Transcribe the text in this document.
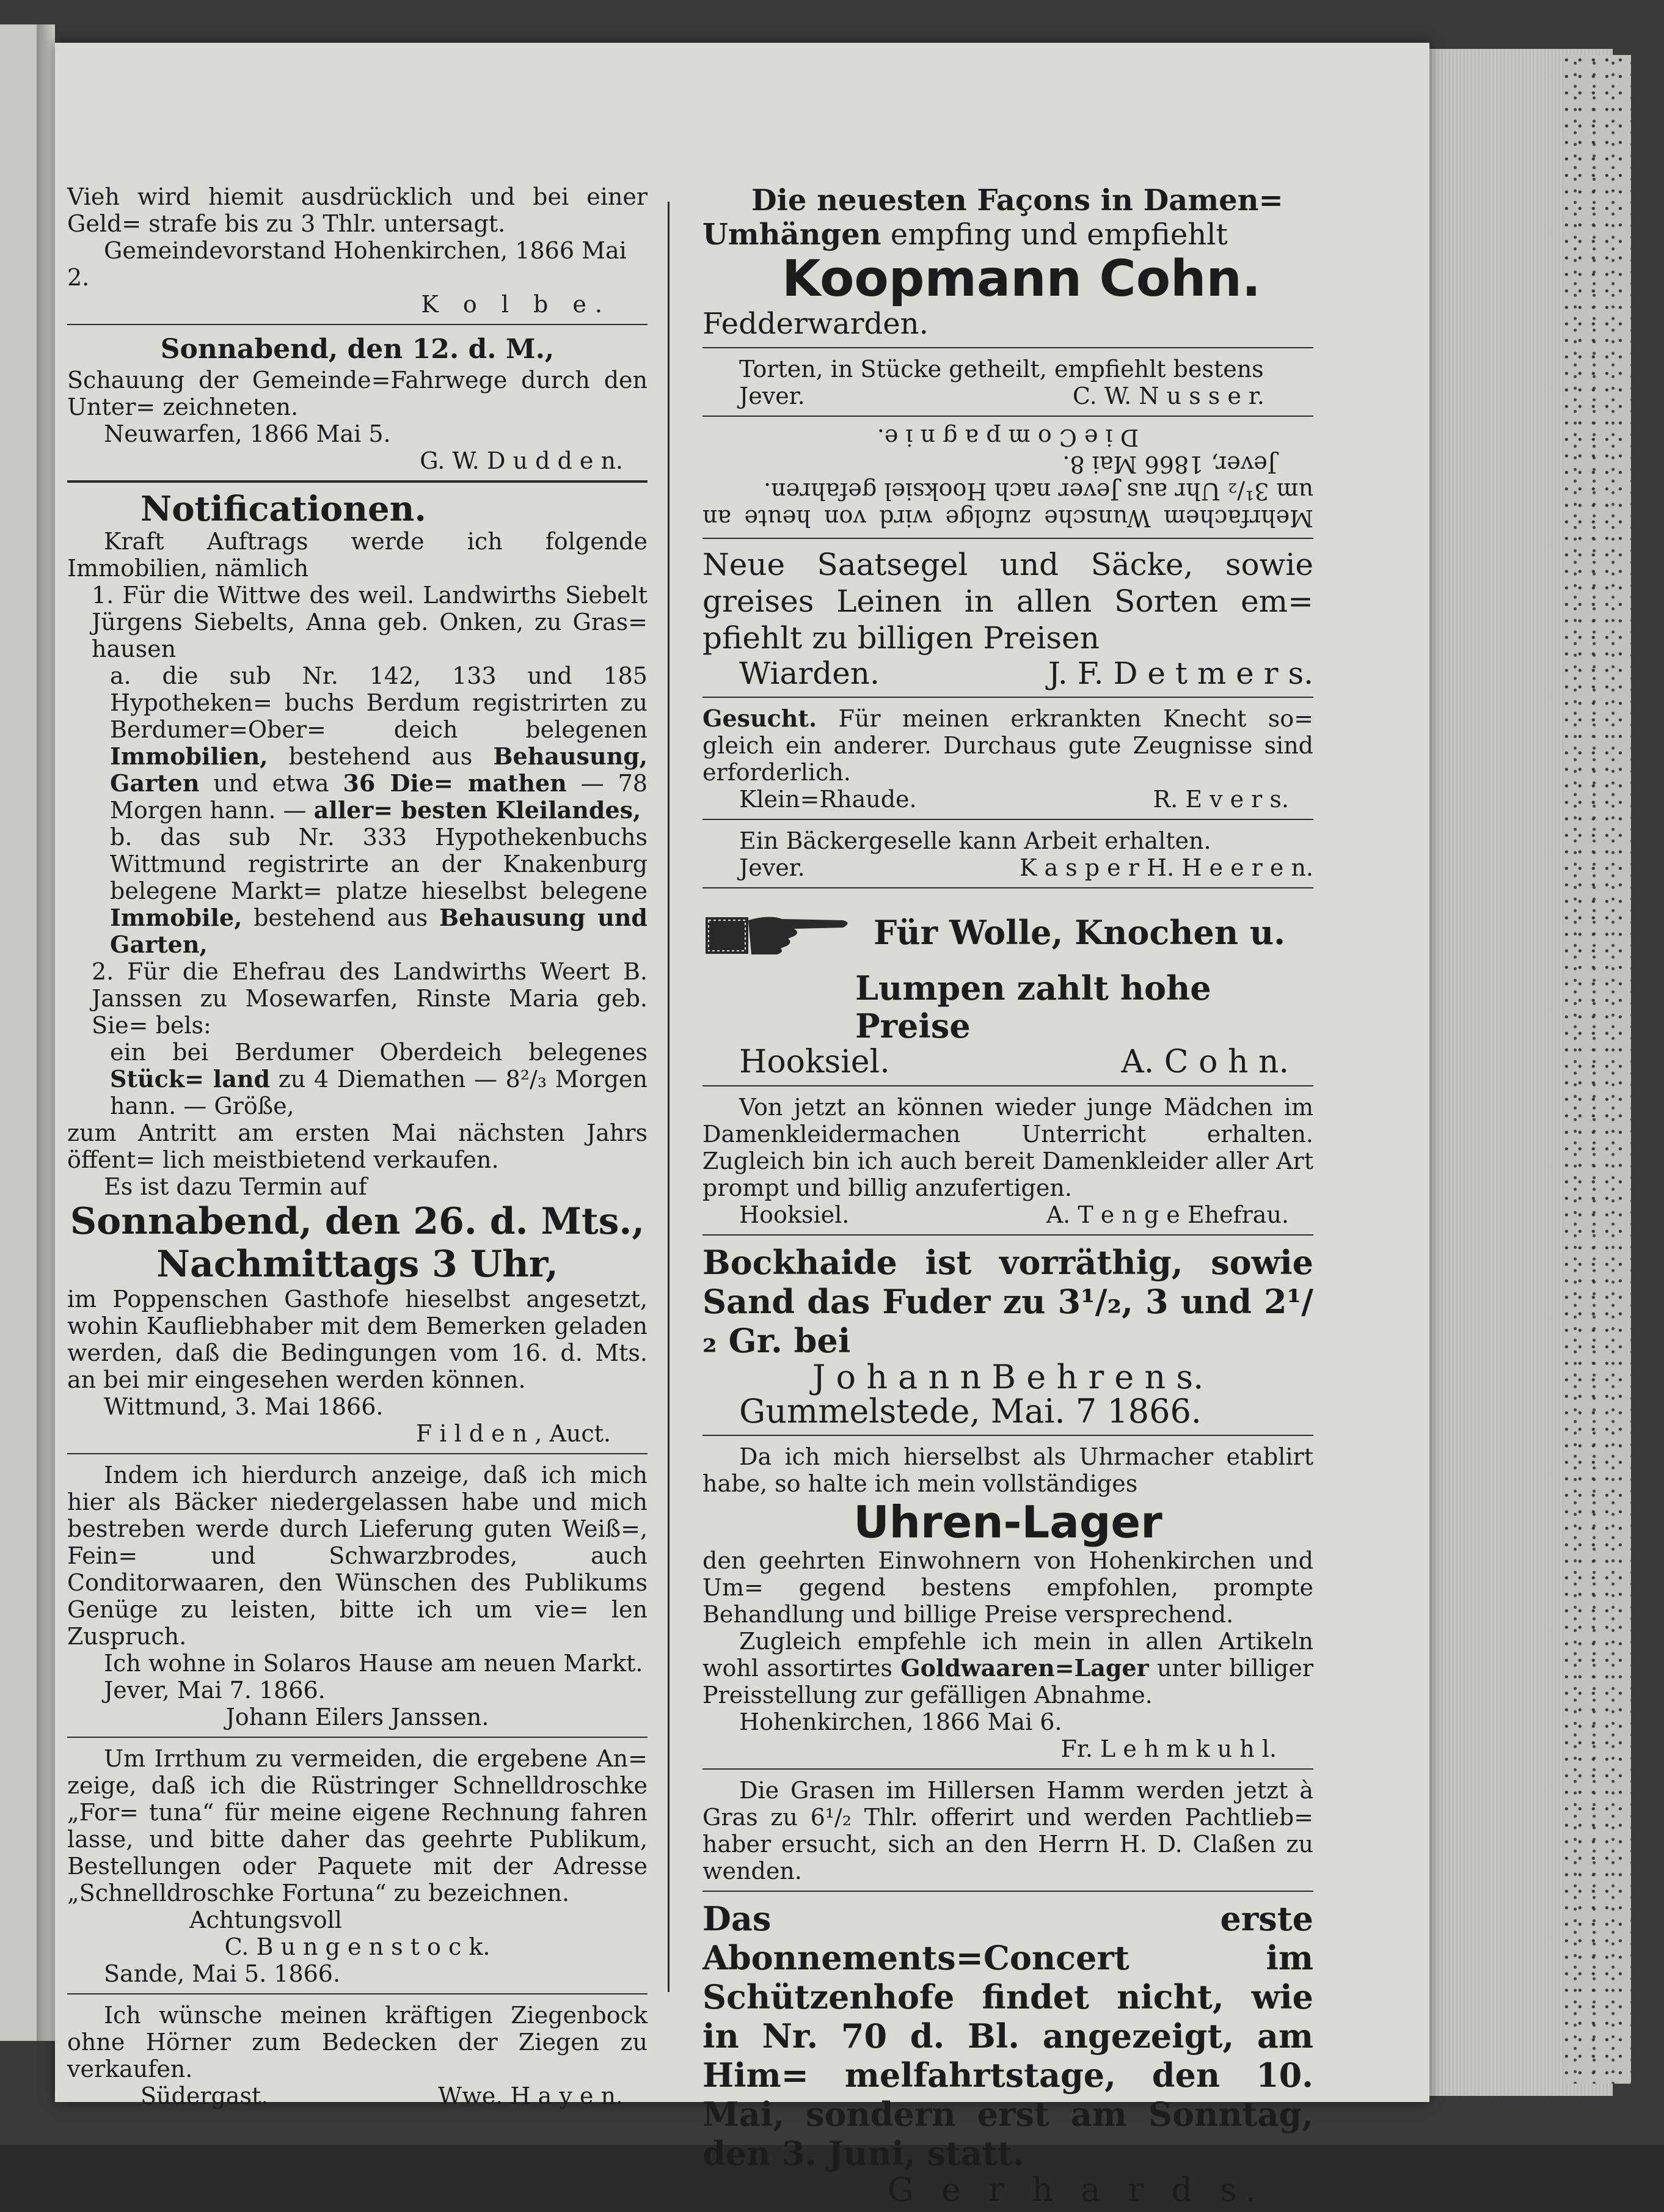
Vieh wird hiemit ausdrücklich und bei einer Geld= strafe bis zu 3 Thlr. untersagt.
Gemeindevorstand Hohenkirchen, 1866 Mai 2.
K o l b e.
Sonnabend, den 12. d. M.,
Schauung der Gemeinde=Fahrwege durch den Unter= zeichneten.
Neuwarfen, 1866 Mai 5.
G. W. D u d d e n.
Notificationen.
Kraft Auftrags werde ich folgende Immobilien, nämlich
1. Für die Wittwe des weil. Landwirths Siebelt Jürgens Siebelts, Anna geb. Onken, zu Gras= hausen
a. die sub Nr. 142, 133 und 185 Hypotheken= buchs Berdum registrirten zu Berdumer=Ober= deich belegenen Immobilien, bestehend aus Behausung, Garten und etwa 36 Die= mathen — 78 Morgen hann. — aller= besten Kleilandes,
b. das sub Nr. 333 Hypothekenbuchs Wittmund registrirte an der Knakenburg belegene Markt= platze hieselbst belegene Immobile, bestehend aus Behausung und Garten,
2. Für die Ehefrau des Landwirths Weert B. Janssen zu Mosewarfen, Rinste Maria geb. Sie= bels:
ein bei Berdumer Oberdeich belegenes Stück= land zu 4 Diemathen — 8²/₃ Morgen hann. — Größe,
zum Antritt am ersten Mai nächsten Jahrs öffent= lich meistbietend verkaufen.
Es ist dazu Termin auf
Sonnabend, den 26. d. Mts.,
Nachmittags 3 Uhr,
im Poppenschen Gasthofe hieselbst angesetzt, wohin Kaufliebhaber mit dem Bemerken geladen werden, daß die Bedingungen vom 16. d. Mts. an bei mir eingesehen werden können.
Wittmund, 3. Mai 1866.
F i l d e n , Auct.
Indem ich hierdurch anzeige, daß ich mich hier als Bäcker niedergelassen habe und mich bestreben werde durch Lieferung guten Weiß=, Fein= und Schwarzbrodes, auch Conditorwaaren, den Wünschen des Publikums Genüge zu leisten, bitte ich um vie= len Zuspruch.
Ich wohne in Solaros Hause am neuen Markt.
Jever, Mai 7. 1866.
Johann Eilers Janssen.
Um Irrthum zu vermeiden, die ergebene An= zeige, daß ich die Rüstringer Schnelldroschke „For= tuna“ für meine eigene Rechnung fahren lasse, und bitte daher das geehrte Publikum, Bestellungen oder Paquete mit der Adresse „Schnelldroschke Fortuna“ zu bezeichnen.
Achtungsvoll
C. B u n g e n s t o c k.
Sande, Mai 5. 1866.
Ich wünsche meinen kräftigen Ziegenbock ohne Hörner zum Bedecken der Ziegen zu verkaufen.
Südergast.	Wwe. H a y e n.
Die neuesten Façons in Damen=
Umhängen empfing und empfiehlt
Koopmann Cohn.
Fedderwarden.
Torten, in Stücke getheilt, empfiehlt bestens
Jever.	C. W. N u s s e r.
Mehrfachem Wunsche zufolge wird von heute an um 3¹/₂ Uhr aus Jever nach Hooksiel gefahren.
Jever, 1866 Mai 8.
D i e C o m p a g n i e.
Neue Saatsegel und Säcke, sowie greises Leinen in allen Sorten em= pfiehlt zu billigen Preisen
Wiarden.	J. F. D e t m e r s.
Gesucht. Für meinen erkrankten Knecht so= gleich ein anderer. Durchaus gute Zeugnisse sind erforderlich.
Klein=Rhaude.	R. E v e r s.
Ein Bäckergeselle kann Arbeit erhalten.
Jever.	K a s p e r H. H e e r e n.
Für Wolle, Knochen u.
Lumpen zahlt hohe Preise
Hooksiel.	A. C o h n.
Von jetzt an können wieder junge Mädchen im Damenkleidermachen Unterricht erhalten. Zugleich bin ich auch bereit Damenkleider aller Art prompt und billig anzufertigen.
Hooksiel.	A. T e n g e Ehefrau.
Bockhaide ist vorräthig, sowie Sand das Fuder zu 3¹/₂, 3 und 2¹/₂ Gr. bei
J o h a n n B e h r e n s.
Gummelstede, Mai. 7 1866.
Da ich mich hierselbst als Uhrmacher etablirt habe, so halte ich mein vollständiges
Uhren-Lager
den geehrten Einwohnern von Hohenkirchen und Um= gegend bestens empfohlen, prompte Behandlung und billige Preise versprechend.
Zugleich empfehle ich mein in allen Artikeln wohl assortirtes Goldwaaren=Lager unter billiger Preisstellung zur gefälligen Abnahme.
Hohenkirchen, 1866 Mai 6.
Fr. L e h m k u h l.
Die Grasen im Hillersen Hamm werden jetzt à Gras zu 6¹/₂ Thlr. offerirt und werden Pachtlieb= haber ersucht, sich an den Herrn H. D. Claßen zu wenden.
Das erste Abonnements=Concert im Schützenhofe findet nicht, wie in Nr. 70 d. Bl. angezeigt, am Him= melfahrtstage, den 10. Mai, sondern erst am Sonntag, den 3. Juni, statt.
G e r h a r d s.
